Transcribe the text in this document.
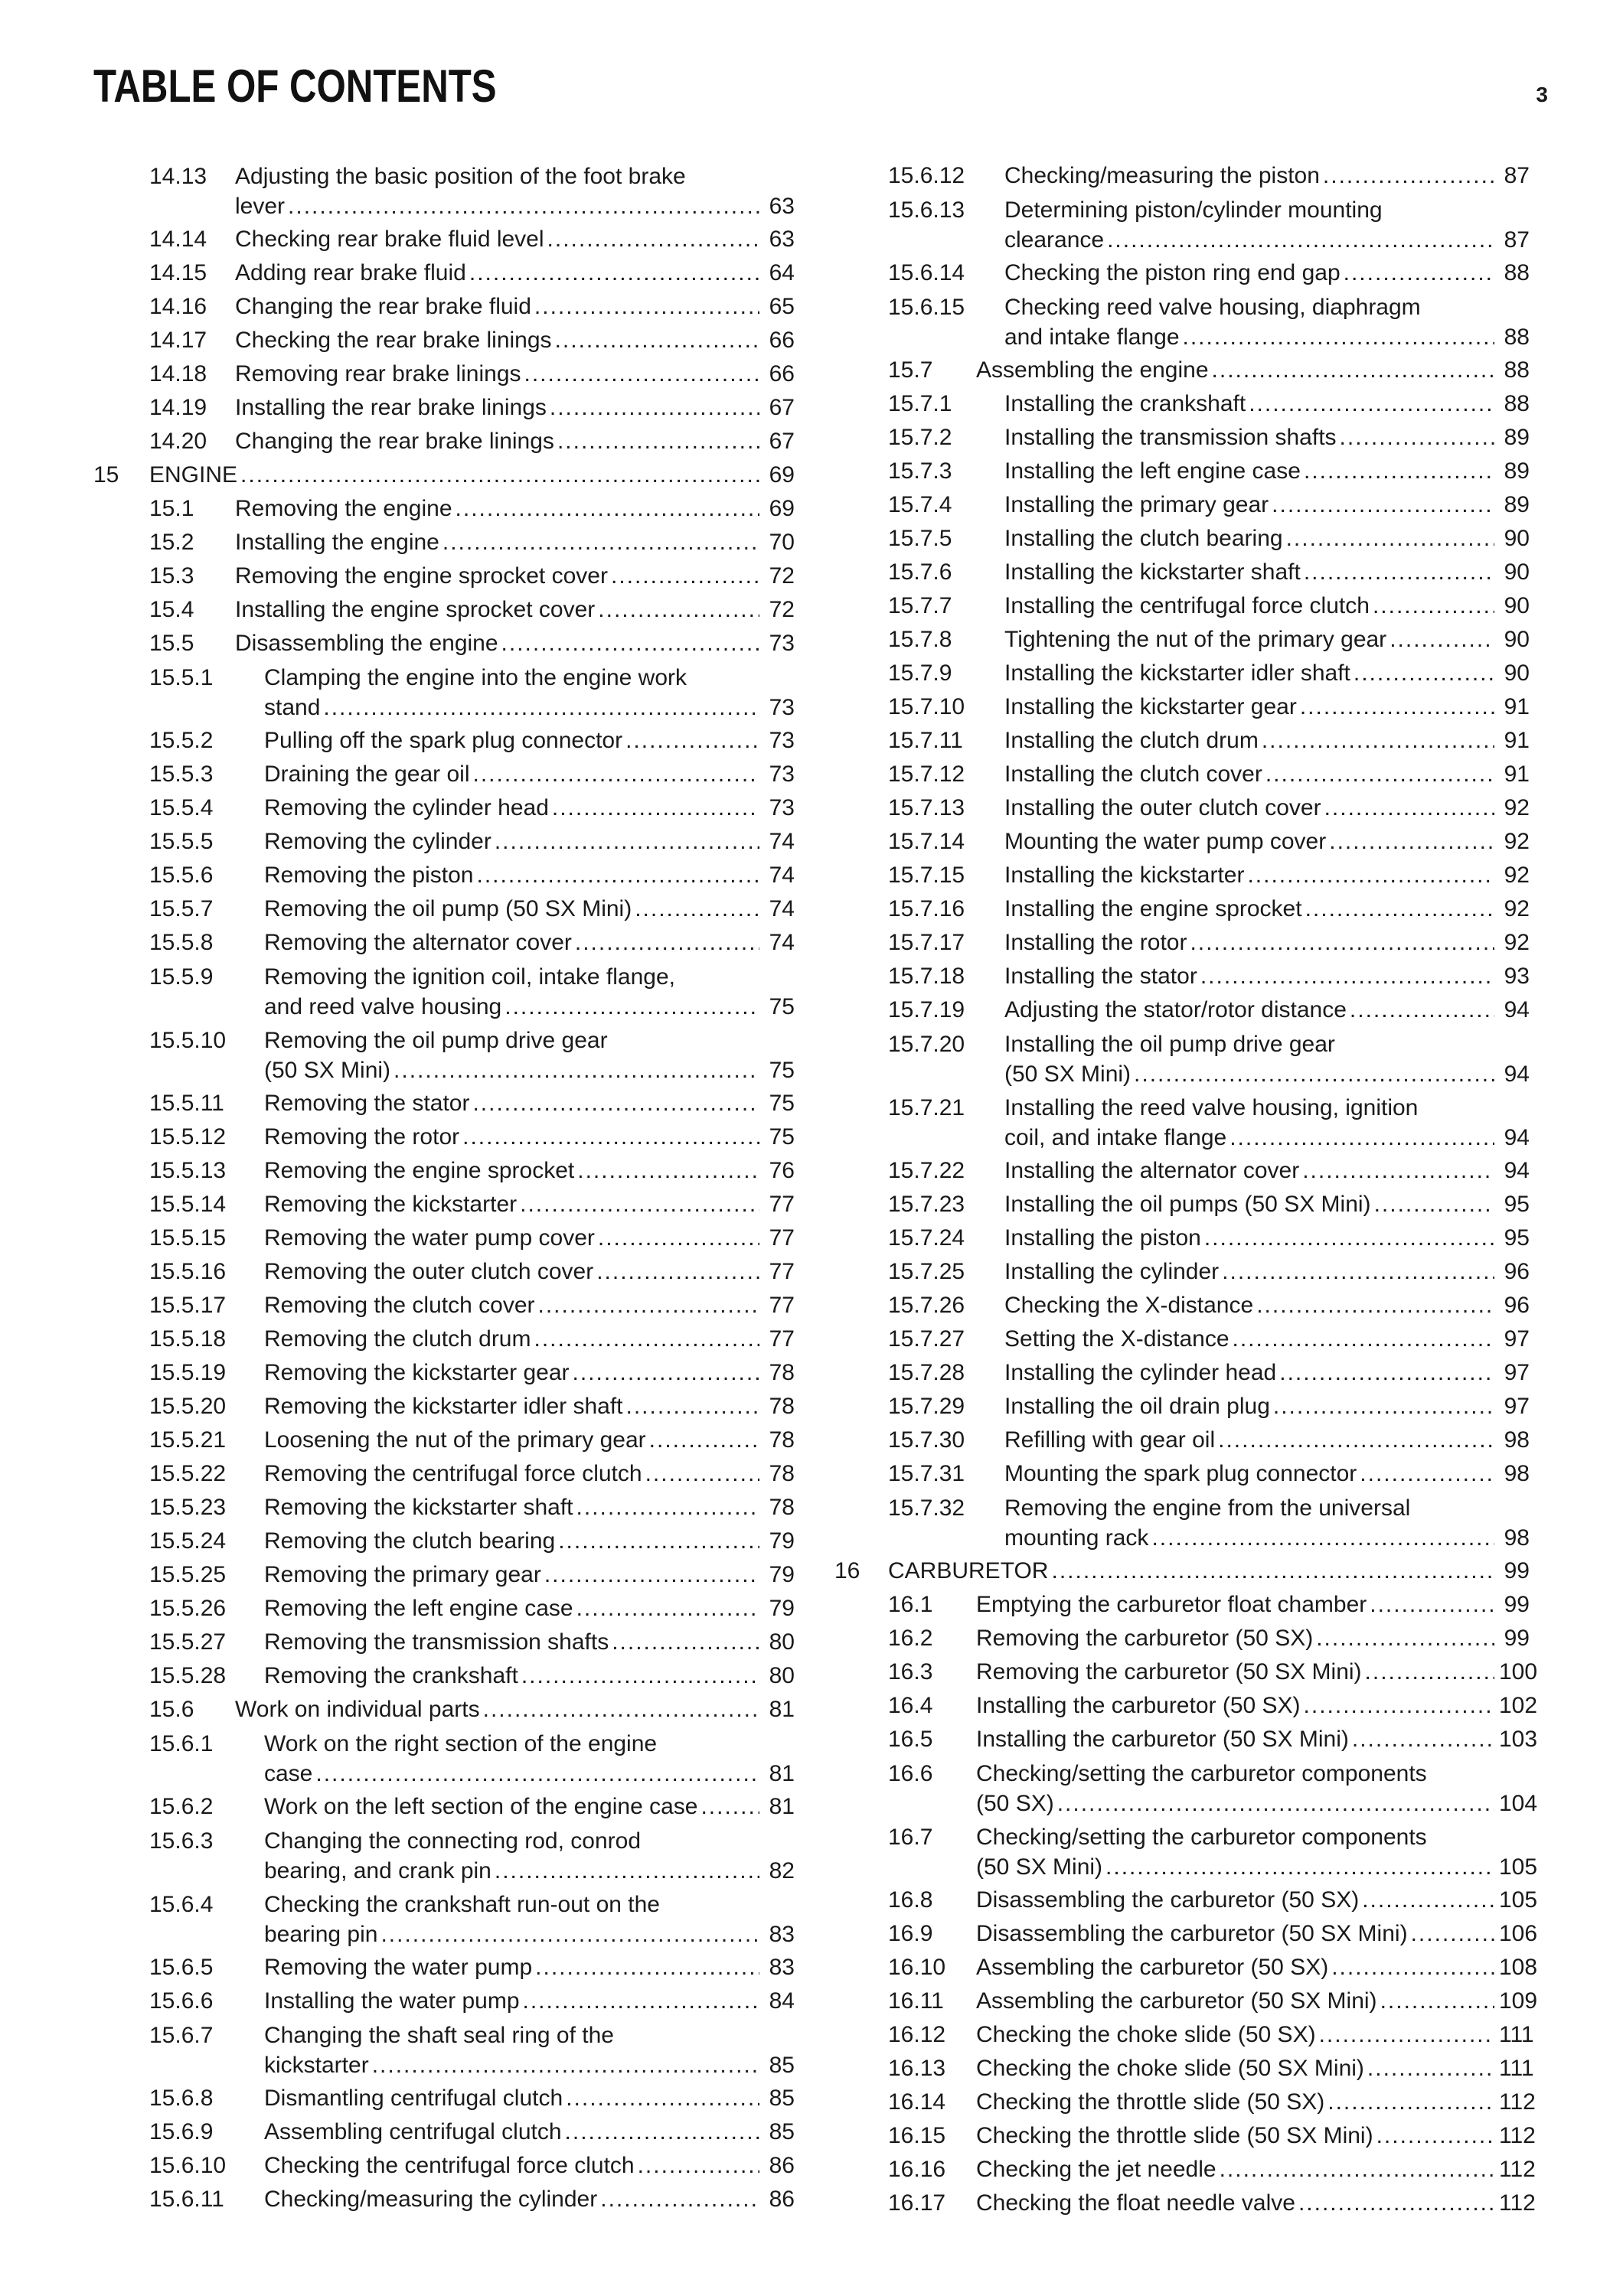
TABLE OF CONTENTS	3
14.13 Adjusting the basic position of the foot brake
lever .....	63
14.14 Checking rear brake fluid level .....	63
14.15 Adding rear brake fluid .....	64
14.16 Changing the rear brake fluid .....	65
14.17 Checking the rear brake linings .....	66
14.18 Removing rear brake linings .....	66
14.19 Installing the rear brake linings .....	67
14.20 Changing the rear brake linings .....	67
15 ENGINE .....	69
15.1 Removing the engine .....	69
15.2 Installing the engine .....	70
15.3 Removing the engine sprocket cover .....	72
15.4 Installing the engine sprocket cover .....	72
15.5 Disassembling the engine .....	73
15.5.1 Clamping the engine into the engine work
stand .....	73
15.5.2 Pulling off the spark plug connector .....	73
15.5.3 Draining the gear oil .....	73
15.5.4 Removing the cylinder head .....	73
15.5.5 Removing the cylinder .....	74
15.5.6 Removing the piston .....	74
15.5.7 Removing the oil pump (50 SX Mini) .....	74
15.5.8 Removing the alternator cover .....	74
15.5.9 Removing the ignition coil, intake flange,
and reed valve housing .....	75
15.5.10 Removing the oil pump drive gear
(50 SX Mini) .....	75
15.5.11 Removing the stator .....	75
15.5.12 Removing the rotor .....	75
15.5.13 Removing the engine sprocket .....	76
15.5.14 Removing the kickstarter .....	77
15.5.15 Removing the water pump cover .....	77
15.5.16 Removing the outer clutch cover .....	77
15.5.17 Removing the clutch cover .....	77
15.5.18 Removing the clutch drum .....	77
15.5.19 Removing the kickstarter gear .....	78
15.5.20 Removing the kickstarter idler shaft .....	78
15.5.21 Loosening the nut of the primary gear .....	78
15.5.22 Removing the centrifugal force clutch .....	78
15.5.23 Removing the kickstarter shaft .....	78
15.5.24 Removing the clutch bearing .....	79
15.5.25 Removing the primary gear .....	79
15.5.26 Removing the left engine case .....	79
15.5.27 Removing the transmission shafts .....	80
15.5.28 Removing the crankshaft .....	80
15.6 Work on individual parts .....	81
15.6.1 Work on the right section of the engine
case .....	81
15.6.2 Work on the left section of the engine case .....	81
15.6.3 Changing the connecting rod, conrod
bearing, and crank pin .....	82
15.6.4 Checking the crankshaft run-out on the
bearing pin .....	83
15.6.5 Removing the water pump .....	83
15.6.6 Installing the water pump .....	84
15.6.7 Changing the shaft seal ring of the
kickstarter .....	85
15.6.8 Dismantling centrifugal clutch .....	85
15.6.9 Assembling centrifugal clutch .....	85
15.6.10 Checking the centrifugal force clutch .....	86
15.6.11 Checking/measuring the cylinder .....	86
15.6.12 Checking/measuring the piston .....	87
15.6.13 Determining piston/cylinder mounting
clearance .....	87
15.6.14 Checking the piston ring end gap .....	88
15.6.15 Checking reed valve housing, diaphragm
and intake flange .....	88
15.7 Assembling the engine .....	88
15.7.1 Installing the crankshaft .....	88
15.7.2 Installing the transmission shafts .....	89
15.7.3 Installing the left engine case .....	89
15.7.4 Installing the primary gear .....	89
15.7.5 Installing the clutch bearing .....	90
15.7.6 Installing the kickstarter shaft .....	90
15.7.7 Installing the centrifugal force clutch .....	90
15.7.8 Tightening the nut of the primary gear .....	90
15.7.9 Installing the kickstarter idler shaft .....	90
15.7.10 Installing the kickstarter gear .....	91
15.7.11 Installing the clutch drum .....	91
15.7.12 Installing the clutch cover .....	91
15.7.13 Installing the outer clutch cover .....	92
15.7.14 Mounting the water pump cover .....	92
15.7.15 Installing the kickstarter .....	92
15.7.16 Installing the engine sprocket .....	92
15.7.17 Installing the rotor .....	92
15.7.18 Installing the stator .....	93
15.7.19 Adjusting the stator/rotor distance .....	94
15.7.20 Installing the oil pump drive gear
(50 SX Mini) .....	94
15.7.21 Installing the reed valve housing, ignition
coil, and intake flange .....	94
15.7.22 Installing the alternator cover .....	94
15.7.23 Installing the oil pumps (50 SX Mini) .....	95
15.7.24 Installing the piston .....	95
15.7.25 Installing the cylinder .....	96
15.7.26 Checking the X-distance .....	96
15.7.27 Setting the X-distance .....	97
15.7.28 Installing the cylinder head .....	97
15.7.29 Installing the oil drain plug .....	97
15.7.30 Refilling with gear oil .....	98
15.7.31 Mounting the spark plug connector .....	98
15.7.32 Removing the engine from the universal
mounting rack .....	98
16 CARBURETOR .....	99
16.1 Emptying the carburetor float chamber .....	99
16.2 Removing the carburetor (50 SX) .....	99
16.3 Removing the carburetor (50 SX Mini) .....	100
16.4 Installing the carburetor (50 SX) .....	102
16.5 Installing the carburetor (50 SX Mini) .....	103
16.6 Checking/setting the carburetor components
(50 SX) .....	104
16.7 Checking/setting the carburetor components
(50 SX Mini) .....	105
16.8 Disassembling the carburetor (50 SX) .....	105
16.9 Disassembling the carburetor (50 SX Mini) .....	106
16.10 Assembling the carburetor (50 SX) .....	108
16.11 Assembling the carburetor (50 SX Mini) .....	109
16.12 Checking the choke slide (50 SX) .....	111
16.13 Checking the choke slide (50 SX Mini) .....	111
16.14 Checking the throttle slide (50 SX) .....	112
16.15 Checking the throttle slide (50 SX Mini) .....	112
16.16 Checking the jet needle .....	112
16.17 Checking the float needle valve .....	112
